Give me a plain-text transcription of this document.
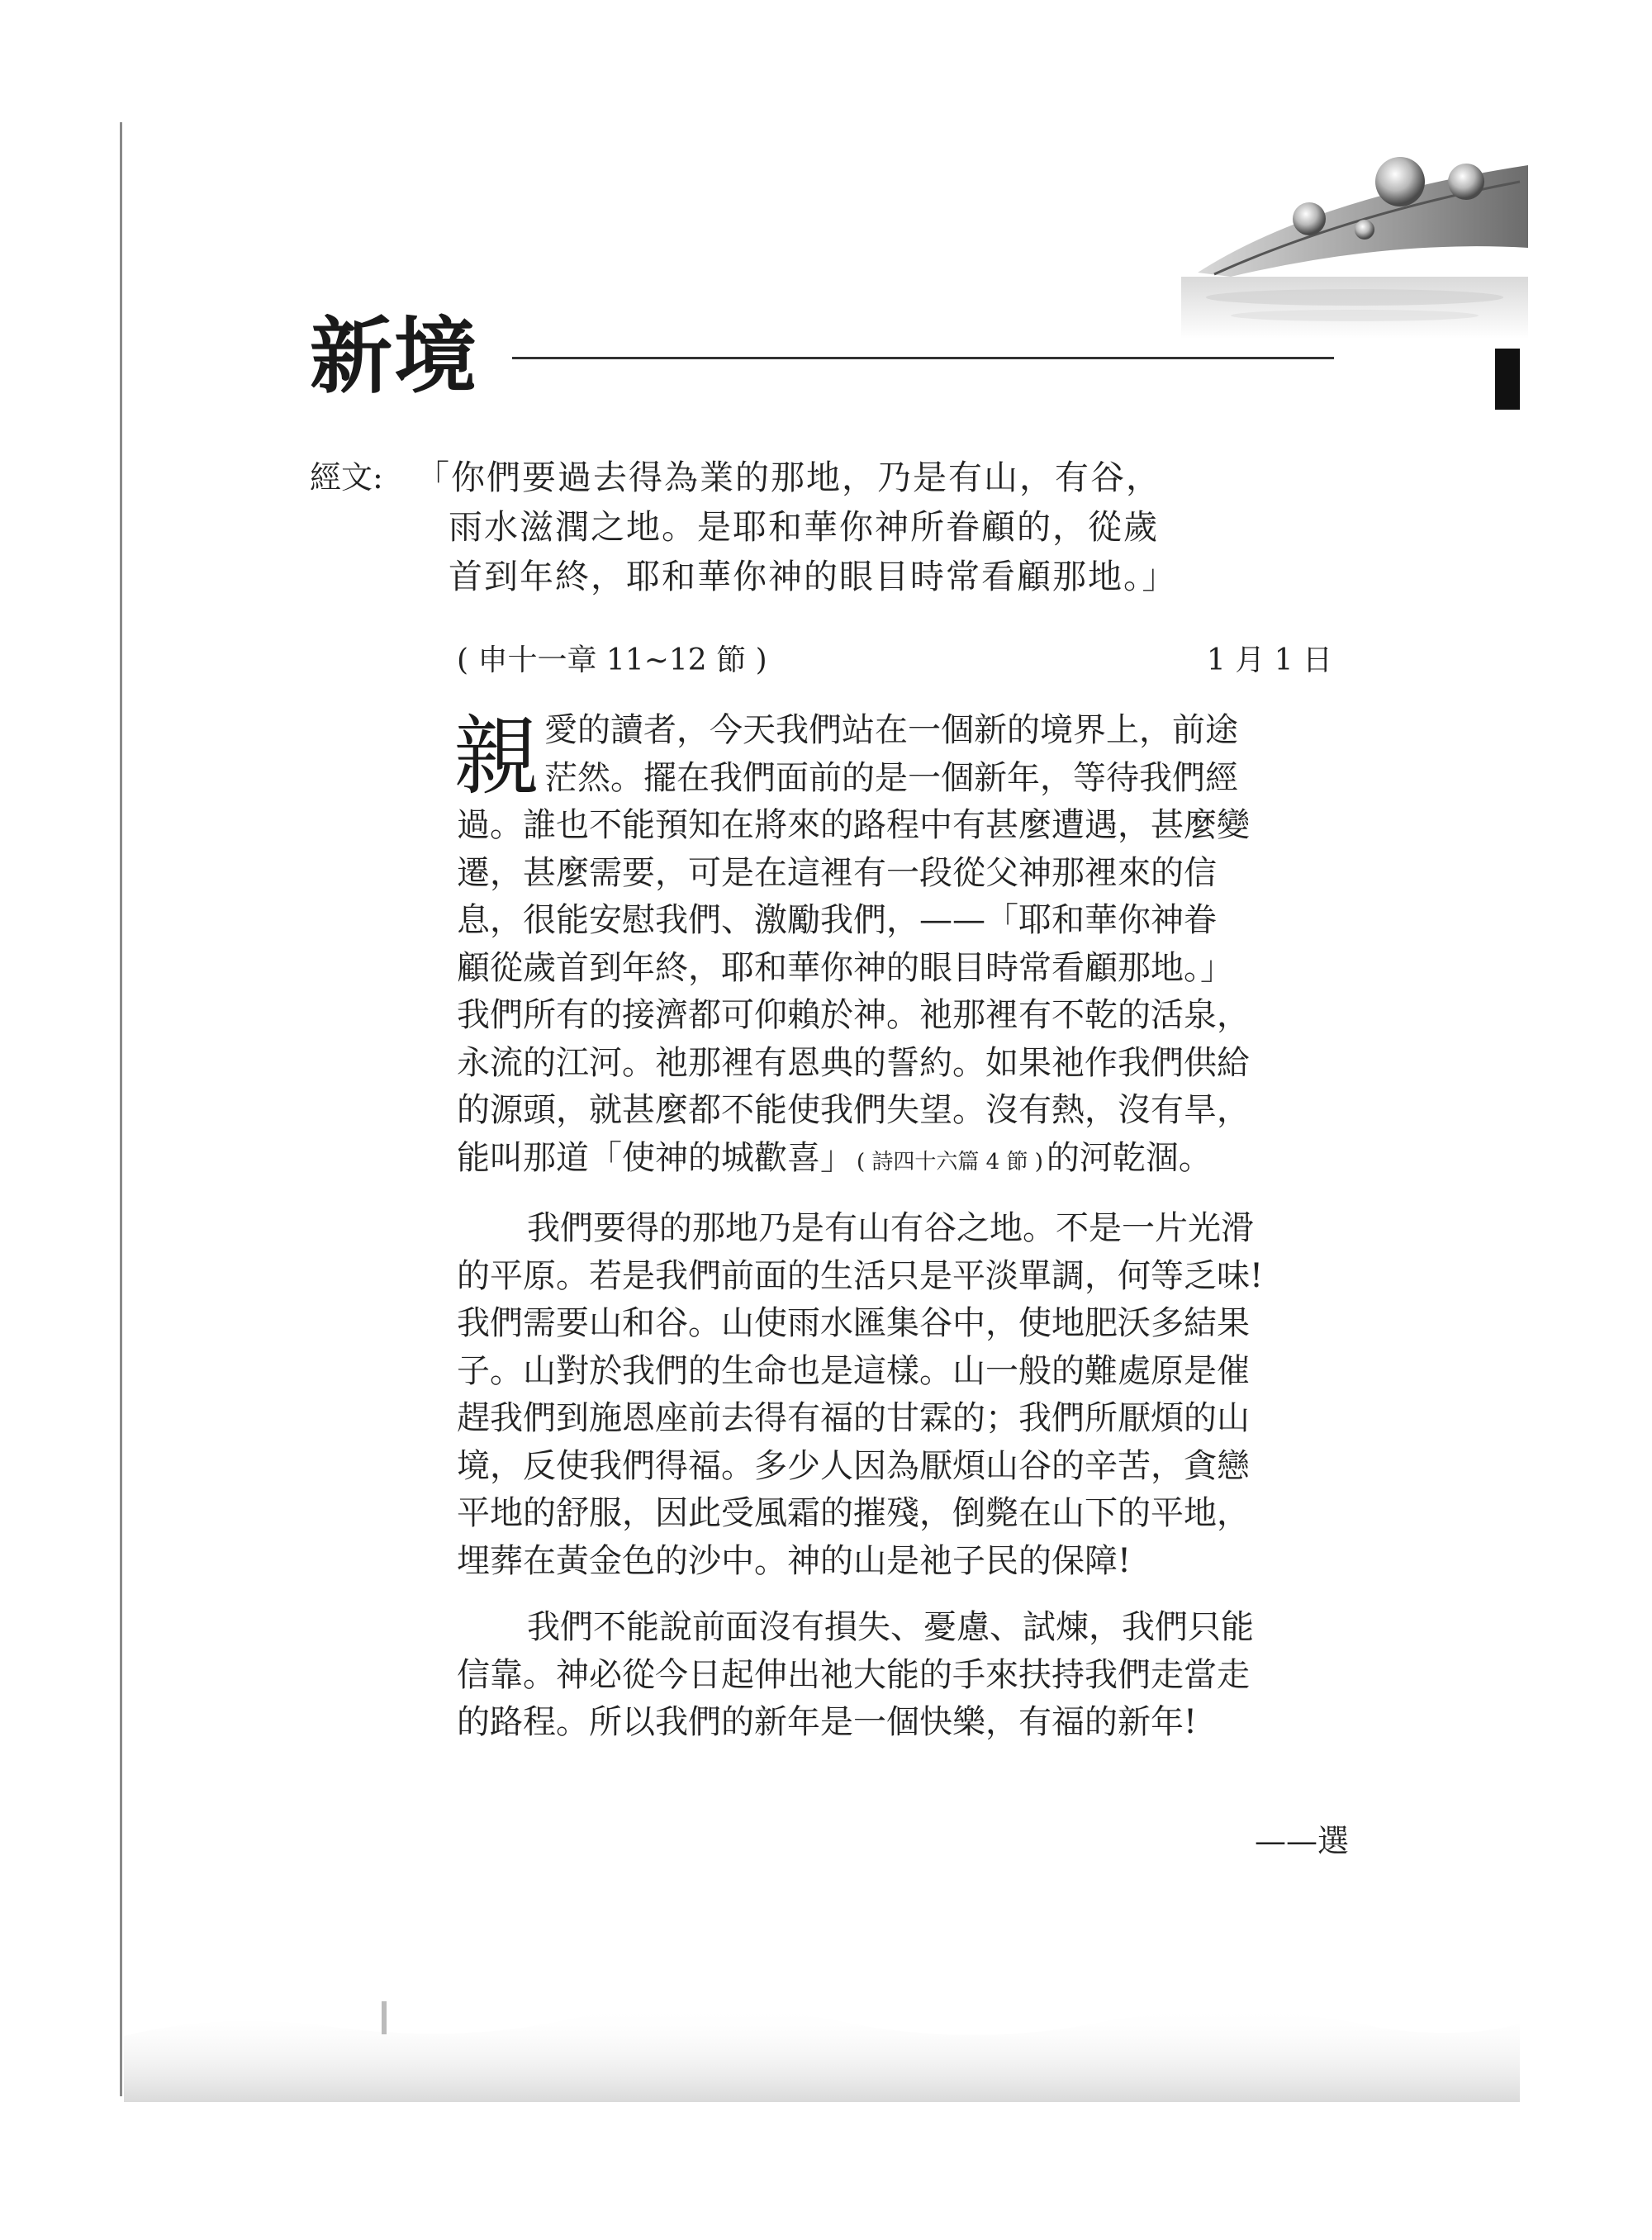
新境
經文: 「你們要過去得為業的那地，乃是有山，有谷，
雨水滋潤之地。是耶和華你神所眷顧的，從歲
首到年終，耶和華你神的眼目時常看顧那地。」
( 申十一章 11~12 節 )	1 月 1 日
親 愛的讀者，今天我們站在一個新的境界上，前途
茫然。擺在我們面前的是一個新年，等待我們經
過。誰也不能預知在將來的路程中有甚麼遭遇，甚麼變
遷，甚麼需要，可是在這裡有一段從父神那裡來的信
息，很能安慰我們、激勵我們，——「耶和華你神眷
顧從歲首到年終，耶和華你神的眼目時常看顧那地。」
我們所有的接濟都可仰賴於神。祂那裡有不乾的活泉，
永流的江河。祂那裡有恩典的誓約。如果祂作我們供給
的源頭，就甚麼都不能使我們失望。沒有熱，沒有旱，
能叫那道「使神的城歡喜」 ( 詩四十六篇 4 節 ) 的河乾涸。
我們要得的那地乃是有山有谷之地。不是一片光滑
的平原。若是我們前面的生活只是平淡單調，何等乏味!
我們需要山和谷。山使雨水匯集谷中，使地肥沃多結果
子。山對於我們的生命也是這樣。山一般的難處原是催
趕我們到施恩座前去得有福的甘霖的；我們所厭煩的山
境，反使我們得福。多少人因為厭煩山谷的辛苦，貪戀
平地的舒服，因此受風霜的摧殘，倒斃在山下的平地，
埋葬在黃金色的沙中。神的山是祂子民的保障!
我們不能說前面沒有損失、憂慮、試煉，我們只能
信靠。神必從今日起伸出祂大能的手來扶持我們走當走
的路程。所以我們的新年是一個快樂，有福的新年!
——選
